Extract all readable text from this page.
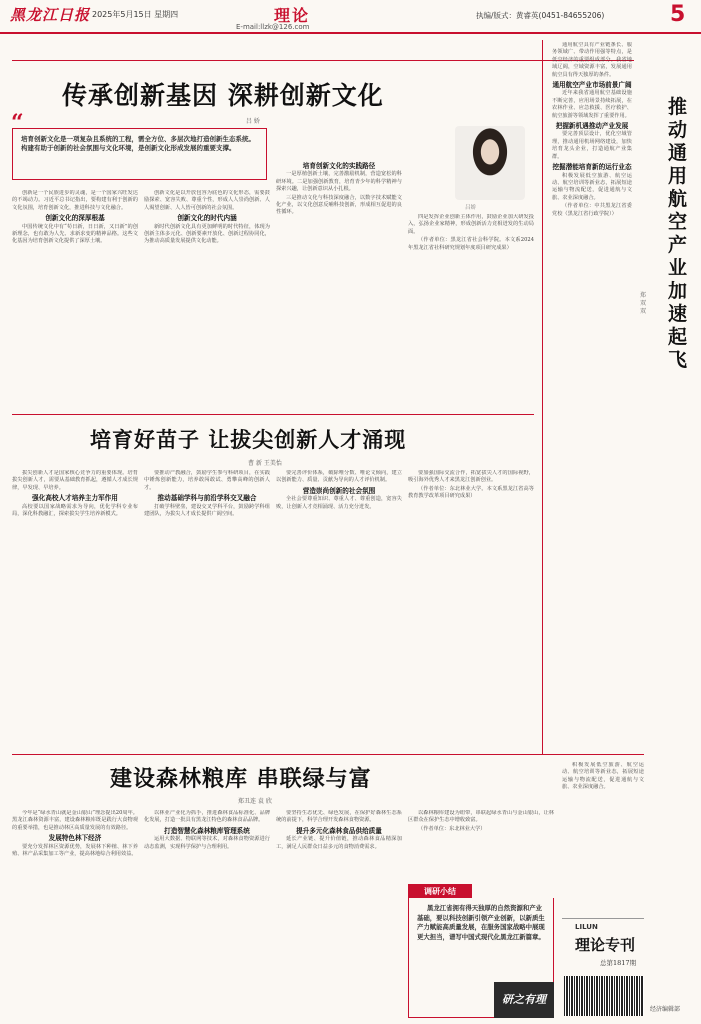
黑龙江日报 2025年5月15日 星期四	理论
E-mail:llzk@126.com
执编/版式：黄睿英(0451-84655206)	5
传承创新基因 深耕创新文化
吕 娇
“ 培育创新文化是一项复杂且系统的工程，需全方位、多层次地打造创新生态系统。构建有助于创新的社会氛围与文化环境，是创新文化形成发展的重要支撑。
吕娇

创新是一个民族进步的灵魂，是一个国家兴旺发达的不竭动力。习近平总书记指出，要构建有利于创新的文化氛围，培育创新文化，推进科技与文化融合。

创新文化的深厚根基

中国传统文化中有“苟日新，日日新，又日新”的创新理念，也有敢为人先、求新求变的精神品格。这些文化基因为培育创新文化提供了深厚土壤。

创新文化是以开放包容为底色的文化形态，需要鼓励探索、宽容失败、尊重个性，形成人人崇尚创新、人人渴望创新、人人皆可创新的社会氛围。

创新文化的时代内涵

新时代创新文化具有更加鲜明的时代特征，体现为创新主体多元化、创新要素开放化、创新过程协同化，为推动高质量发展提供文化动能。

培育创新文化的实践路径

一是厚植创新土壤，完善激励机制，营造宽松的科研环境。二是加强创新教育，培育青少年的科学精神与探索兴趣，让创新意识从小扎根。

三是推动文化与科技深度融合，以数字技术赋能文化产业，以文化创意反哺科技创新，形成相互促进的良性循环。

四是发挥企业创新主体作用，鼓励企业加大研发投入，弘扬企业家精神，形成创新活力竞相迸发的生动局面。

（作者单位：黑龙江省社会科学院。本文系2024年黑龙江省社科研究规划年度项目研究成果）

推动通用航空产业加速起飞
郑双双

通用航空具有产业链条长、服务领域广、带动作用强等特点，是低空经济的重要组成部分。我省地域辽阔，空域资源丰富，发展通用航空具有得天独厚的条件。

通用航空产业市场前景广阔

近年来我省通用航空基础设施不断完善，应用场景持续拓展，在农林作业、应急救援、医疗救护、航空旅游等领域发挥了重要作用。

把握新机遇推动产业发展

要完善顶层设计，优化空域管理，推动通用机场网络建设，加快培育龙头企业，打造通航产业集群。

挖掘潜能培育新的运行业态

积极发展低空旅游、航空运动、航空培训等新业态，拓展短途运输与物流配送，促进通航与文旅、农业深度融合。

（作者单位：中共黑龙江省委党校（黑龙江省行政学院））

培育好苗子 让拔尖创新人才涌现
曹 新 王美怡

拔尖创新人才是国家核心竞争力的重要体现。培育拔尖创新人才，需要从基础教育抓起，遵循人才成长规律，早发现、早培养。

强化高校人才培养主力军作用

高校要以国家战略需求为导向，优化学科专业布局，深化科教融汇，探索拔尖学生培养新模式。

要推动产教融合，鼓励学生参与科研项目，在实践中锤炼创新能力，培养敢闯敢试、勇攀高峰的创新人才。

推动基础学科与前沿学科交叉融合

打破学科壁垒，建设交叉学科平台，鼓励跨学科组建团队，为拔尖人才成长提供广阔空间。

要完善评价体系，破除唯分数、唯论文倾向，建立以创新能力、质量、贡献为导向的人才评价机制。

营造崇尚创新的社会氛围

全社会要尊重知识、尊重人才、尊重创造，宽容失败，让创新人才竞相涌现、活力充分迸发。

要加强国际交流合作，拓宽拔尖人才的国际视野，吸引海外优秀人才来黑龙江创新创业。

（作者单位：东北林业大学。本文系黑龙江省高等教育教学改革项目研究成果）

建设森林粮库 串联绿与富
郑丑连 袁 欣

今年是“绿水青山就是金山银山”理念提出20周年。黑龙江森林资源丰富，建设森林粮库既是践行大食物观的重要举措，也是推动林区高质量发展的有效路径。

发展特色林下经济

要充分发挥林区资源优势，发展林下种植、林下养殖、林产品采集加工等产业，提高林地综合利用效益。

以林业产业化为抓手，推进森林食品标准化、品牌化发展，打造一批具有黑龙江特色的森林食品品牌。

打造智慧化森林粮库管理系统

运用大数据、物联网等技术，对森林食物资源进行动态监测，实现科学保护与合理利用。

要坚持生态优先、绿色发展，在保护好森林生态系统的前提下，科学合理开发森林食物资源。

提升多元化森林食品供给质量

延长产业链、提升价值链，推动森林食品精深加工，满足人民群众日益多元的食物消费需求。

以森林粮库建设为纽带，串联起绿水青山与金山银山，让林区群众在保护生态中增收致富。

（作者单位：东北林业大学）

调研小结
黑龙江省拥有得天独厚的自然资源和产业基础，要以科技创新引领产业创新，以新质生产力赋能高质量发展，在服务国家战略中展现更大担当，谱写中国式现代化黑龙江新篇章。

积极发展低空旅游、航空运动、航空培训等新业态，拓展短途运输与物流配送，促进通航与文旅、农业深度融合。

LILUN
理论专刊
总第1817期
研之有理
经济编辑部
